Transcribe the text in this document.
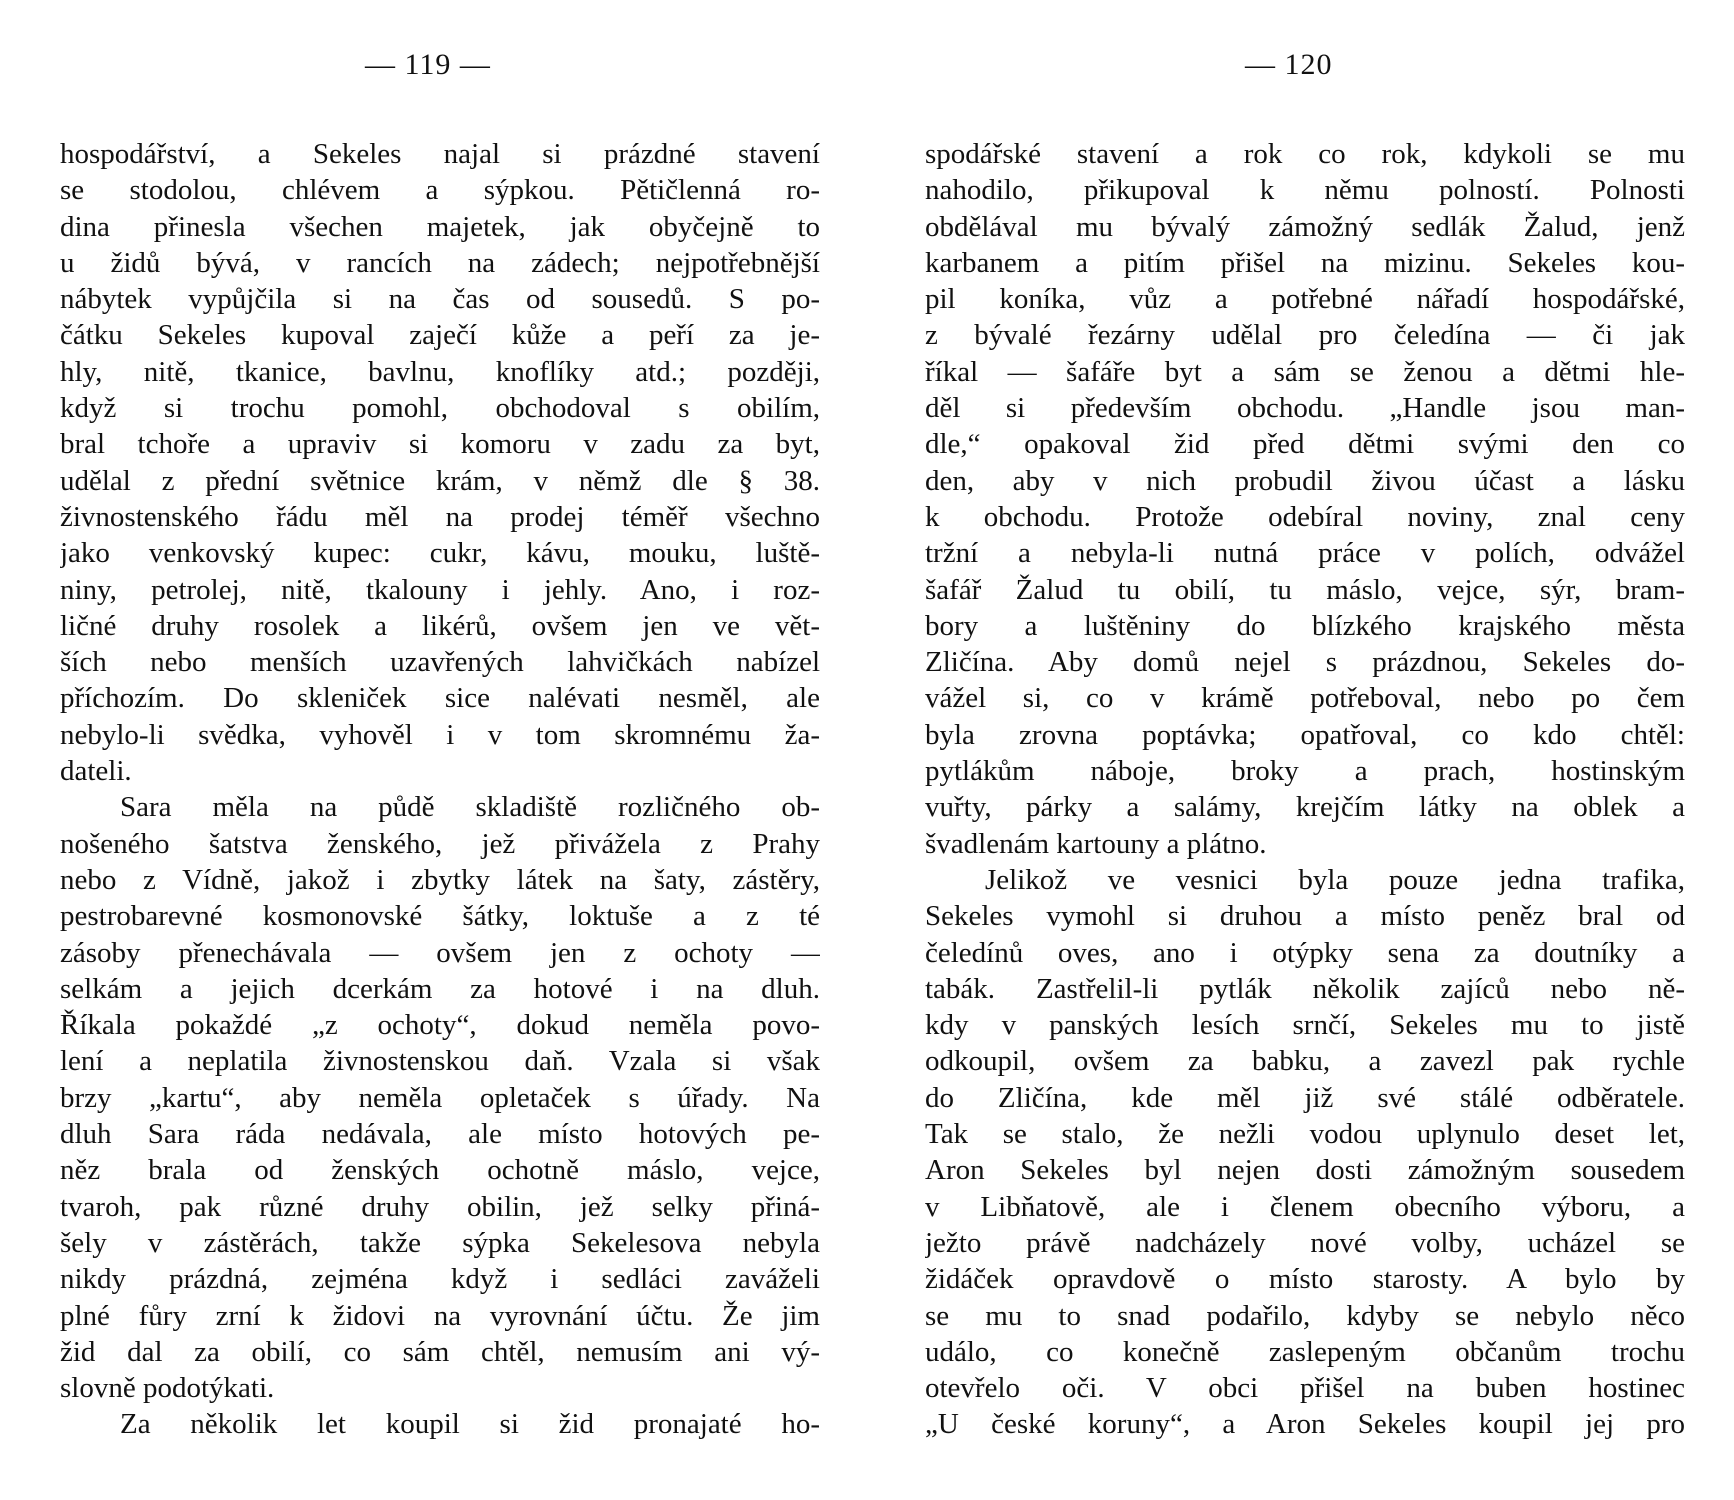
— 119 —
hospodářství, a Sekeles najal si prázdné stavení
se stodolou, chlévem a sýpkou. Pětičlenná ro-
dina přinesla všechen majetek, jak obyčejně to
u židů bývá, v rancích na zádech; nejpotřebnější
nábytek vypůjčila si na čas od sousedů. S po-
čátku Sekeles kupoval zaječí kůže a peří za je-
hly, nitě, tkanice, bavlnu, knoflíky atd.; později,
když si trochu pomohl, obchodoval s obilím,
bral tchoře a upraviv si komoru v zadu za byt,
udělal z přední světnice krám, v němž dle § 38.
živnostenského řádu měl na prodej téměř všechno
jako venkovský kupec: cukr, kávu, mouku, luště-
niny, petrolej, nitě, tkalouny i jehly. Ano, i roz-
ličné druhy rosolek a likérů, ovšem jen ve vět-
ších nebo menších uzavřených lahvičkách nabízel
příchozím. Do skleniček sice nalévati nesměl, ale
nebylo-li svědka, vyhověl i v tom skromnému ža-
dateli.
Sara měla na půdě skladiště rozličného ob-
nošeného šatstva ženského, jež přivážela z Prahy
nebo z Vídně, jakož i zbytky látek na šaty, zástěry,
pestrobarevné kosmonovské šátky, loktuše a z té
zásoby přenechávala — ovšem jen z ochoty —
selkám a jejich dcerkám za hotové i na dluh.
Říkala pokaždé „z ochoty“, dokud neměla povo-
lení a neplatila živnostenskou daň. Vzala si však
brzy „kartu“, aby neměla opletaček s úřady. Na
dluh Sara ráda nedávala, ale místo hotových pe-
něz brala od ženských ochotně máslo, vejce,
tvaroh, pak různé druhy obilin, jež selky přiná-
šely v zástěrách, takže sýpka Sekelesova nebyla
nikdy prázdná, zejména když i sedláci zaváželi
plné fůry zrní k židovi na vyrovnání účtu. Že jim
žid dal za obilí, co sám chtěl, nemusím ani vý-
slovně podotýkati.
Za několik let koupil si žid pronajaté ho-
— 120
spodářské stavení a rok co rok, kdykoli se mu
nahodilo, přikupoval k němu polností. Polnosti
obdělával mu bývalý zámožný sedlák Žalud, jenž
karbanem a pitím přišel na mizinu. Sekeles kou-
pil koníka, vůz a potřebné nářadí hospodářské,
z bývalé řezárny udělal pro čeledína — či jak
říkal — šafáře byt a sám se ženou a dětmi hle-
děl si především obchodu. „Handle jsou man-
dle,“ opakoval žid před dětmi svými den co
den, aby v nich probudil živou účast a lásku
k obchodu. Protože odebíral noviny, znal ceny
tržní a nebyla-li nutná práce v polích, odvážel
šafář Žalud tu obilí, tu máslo, vejce, sýr, bram-
bory a luštěniny do blízkého krajského města
Zličína. Aby domů nejel s prázdnou, Sekeles do-
vážel si, co v krámě potřeboval, nebo po čem
byla zrovna poptávka; opatřoval, co kdo chtěl:
pytlákům náboje, broky a prach, hostinským
vuřty, párky a salámy, krejčím látky na oblek a
švadlenám kartouny a plátno.
Jelikož ve vesnici byla pouze jedna trafika,
Sekeles vymohl si druhou a místo peněz bral od
čeledínů oves, ano i otýpky sena za doutníky a
tabák. Zastřelil-li pytlák několik zajíců nebo ně-
kdy v panských lesích srnčí, Sekeles mu to jistě
odkoupil, ovšem za babku, a zavezl pak rychle
do Zličína, kde měl již své stálé odběratele.
Tak se stalo, že nežli vodou uplynulo deset let,
Aron Sekeles byl nejen dosti zámožným sousedem
v Libňatově, ale i členem obecního výboru, a
ježto právě nadcházely nové volby, ucházel se
židáček opravdově o místo starosty. A bylo by
se mu to snad podařilo, kdyby se nebylo něco
událo, co konečně zaslepeným občanům trochu
otevřelo oči. V obci přišel na buben hostinec
„U české koruny“, a Aron Sekeles koupil jej pro
